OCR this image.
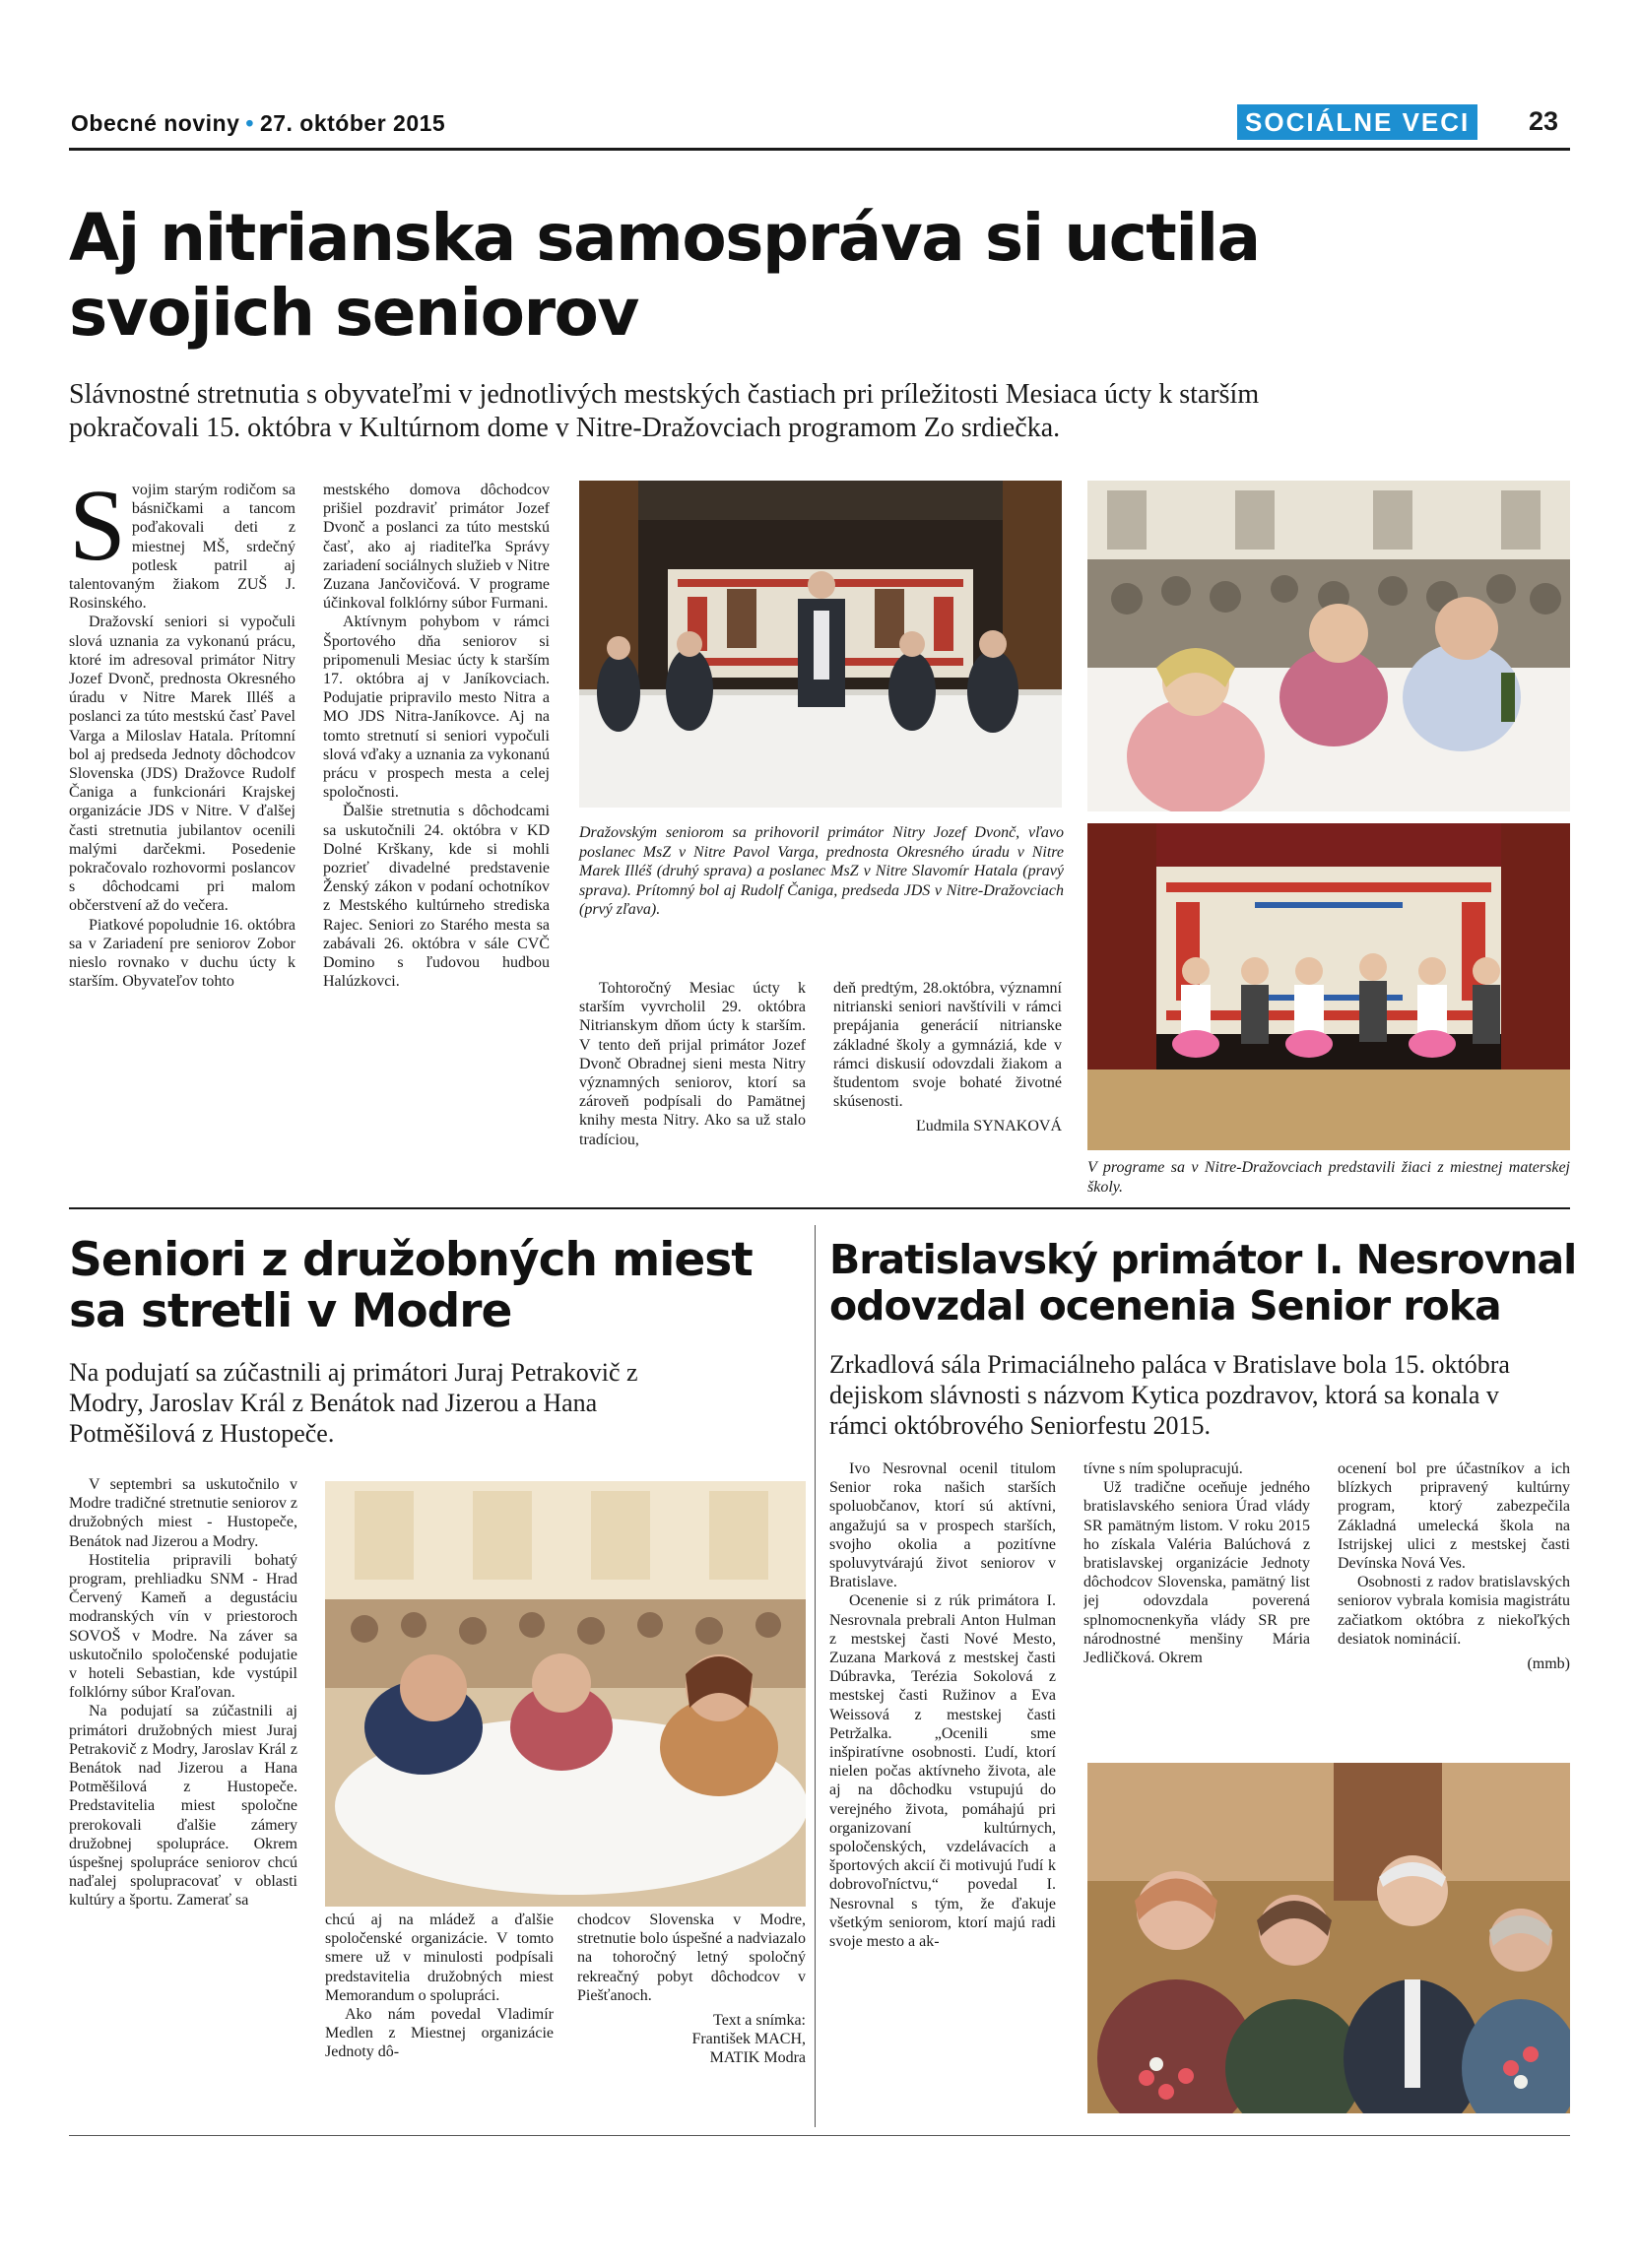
Obecné noviny • 27. október 2015	SOCIÁLNE VECI 23
Aj nitrianska samospráva si uctila
svojich seniorov
Slávnostné stretnutia s obyvateľmi v jednotlivých mestských častiach pri príležitosti Mesiaca úcty k starším
pokračovali 15. októbra v Kultúrnom dome v Nitre-Dražovciach programom Zo srdiečka.

Svojim starým rodičom sa básničkami a tancom poďakovali deti z miestnej MŠ, srdečný potlesk patril aj talentovaným žiakom ZUŠ J. Rosinského.

Dražovskí seniori si vypočuli slová uznania za vykonanú prácu, ktoré im adresoval primátor Nitry Jozef Dvonč, prednosta Okresného úradu v Nitre Marek Illéš a poslanci za túto mestskú časť Pavel Varga a Miloslav Hatala. Prítomní bol aj predseda Jednoty dôchodcov Slovenska (JDS) Dražovce Rudolf Čaniga a funkcionári Krajskej organizácie JDS v Nitre. V ďalšej časti stretnutia jubilantov ocenili malými darčekmi. Posedenie pokračovalo rozhovormi poslancov s dôchodcami pri malom občerstvení až do večera.

Piatkové popoludnie 16. októbra sa v Zariadení pre seniorov Zobor nieslo rovnako v duchu úcty k starším. Obyvateľov tohto

mestského domova dôchodcov prišiel pozdraviť primátor Jozef Dvonč a poslanci za túto mestskú časť, ako aj riaditeľka Správy zariadení sociálnych služieb v Nitre Zuzana Jančovičová. V programe účinkoval folklórny súbor Furmani.

Aktívnym pohybom v rámci Športového dňa seniorov si pripomenuli Mesiac úcty k starším 17. októbra aj v Janíkovciach. Podujatie pripravilo mesto Nitra a MO JDS Nitra-Janíkovce. Aj na tomto stretnutí si seniori vypočuli slová vďaky a uznania za vykonanú prácu v prospech mesta a celej spoločnosti.

Ďalšie stretnutia s dôchodcami sa uskutočnili 24. októbra v KD Dolné Krškany, kde si mohli pozrieť divadelné predstavenie Ženský zákon v podaní ochotníkov z Mestského kultúrneho strediska Rajec. Seniori zo Starého mesta sa zabávali 26. októbra v sále CVČ Domino s ľudovou hudbou Halúzkovci.

Dražovským seniorom sa prihovoril primátor Nitry Jozef Dvonč, vľavo poslanec MsZ v Nitre Pavol Varga, prednosta Okresného úradu v Nitre Marek Illéš (druhý sprava) a poslanec MsZ v Nitre Slavomír Hatala (pravý sprava). Prítomný bol aj Rudolf Čaniga, predseda JDS v Nitre-Dražovciach (prvý zľava).

Tohtoročný Mesiac úcty k starším vyvrcholil 29. októbra Nitrianskym dňom úcty k starším. V tento deň prijal primátor Jozef Dvonč Obradnej sieni mesta Nitry významných seniorov, ktorí sa zároveň podpísali do Pamätnej knihy mesta Nitry. Ako sa už stalo tradíciou,

deň predtým, 28.októbra, významní nitrianski seniori navštívili v rámci prepájania generácií nitrianske základné školy a gymnáziá, kde v rámci diskusií odovzdali žiakom a študentom svoje bohaté životné skúsenosti.

Ľudmila SYNAKOVÁ

V programe sa v Nitre-Dražovciach predstavili žiaci z miestnej materskej školy.
Seniori z družobných miest
sa stretli v Modre
Na podujatí sa zúčastnili aj primátori Juraj Petrakovič z Modry, Jaroslav Král z Benátok nad Jizerou a Hana Potměšilová z Hustopeče.

V septembri sa uskutočnilo v Modre tradičné stretnutie seniorov z družobných miest - Hustopeče, Benátok nad Jizerou a Modry.

Hostitelia pripravili bohatý program, prehliadku SNM - Hrad Červený Kameň a degustáciu modranských vín v priestoroch SOVOŠ v Modre. Na záver sa uskutočnilo spoločenské podujatie v hoteli Sebastian, kde vystúpil folklórny súbor Kraľovan.

Na podujatí sa zúčastnili aj primátori družobných miest Juraj Petrakovič z Modry, Jaroslav Král z Benátok nad Jizerou a Hana Potměšilová z Hustopeče. Predstavitelia miest spoločne prerokovali ďalšie zámery družobnej spolupráce. Okrem úspešnej spolupráce seniorov chcú naďalej spolupracovať v oblasti kultúry a športu. Zamerať sa

chcú aj na mládež a ďalšie spoločenské organizácie. V tomto smere už v minulosti podpísali predstavitelia družobných miest Memorandum o spolupráci.

Ako nám povedal Vladimír Medlen z Miestnej organizácie Jednoty dô-

chodcov Slovenska v Modre, stretnutie bolo úspešné a nadviazalo na tohoročný letný spoločný rekreačný pobyt dôchodcov v Piešťanoch.

Text a snímka:
František MACH,
MATIK Modra
Bratislavský primátor I. Nesrovnal
odovzdal ocenenia Senior roka
Zrkadlová sála Primaciálneho paláca v Bratislave bola 15. októbra dejiskom slávnosti s názvom Kytica pozdravov, ktorá sa konala v rámci októbrového Seniorfestu 2015.

Ivo Nesrovnal ocenil titulom Senior roka našich starších spoluobčanov, ktorí sú aktívni, angažujú sa v prospech starších, svojho okolia a pozitívne spoluvytvárajú život seniorov v Bratislave.

Ocenenie si z rúk primátora I. Nesrovnala prebrali Anton Hulman z mestskej časti Nové Mesto, Zuzana Marková z mestskej časti Dúbravka, Terézia Sokolová z mestskej časti Ružinov a Eva Weissová z mestskej časti Petržalka. „Ocenili sme inšpiratívne osobnosti. Ľudí, ktorí nielen počas aktívneho života, ale aj na dôchodku vstupujú do verejného života, pomáhajú pri organizovaní kultúrnych, spoločenských, vzdelávacích a športových akcií či motivujú ľudí k dobrovoľníctvu,“ povedal I. Nesrovnal s tým, že ďakuje všetkým seniorom, ktorí majú radi svoje mesto a ak-

tívne s ním spolupracujú.

Už tradične oceňuje jedného bratislavského seniora Úrad vlády SR pamätným listom. V roku 2015 ho získala Valéria Balúchová z bratislavskej organizácie Jednoty dôchodcov Slovenska, pamätný list jej odovzdala poverená splnomocnenkyňa vlády SR pre národnostné menšiny Mária Jedličková. Okrem

ocenení bol pre účastníkov a ich blízkych pripravený kultúrny program, ktorý zabezpečila Základná umelecká škola na Istrijskej ulici z mestskej časti Devínska Nová Ves.

Osobnosti z radov bratislavských seniorov vybrala komisia magistrátu začiatkom októbra z niekoľkých desiatok nominácií.

(mmb)
